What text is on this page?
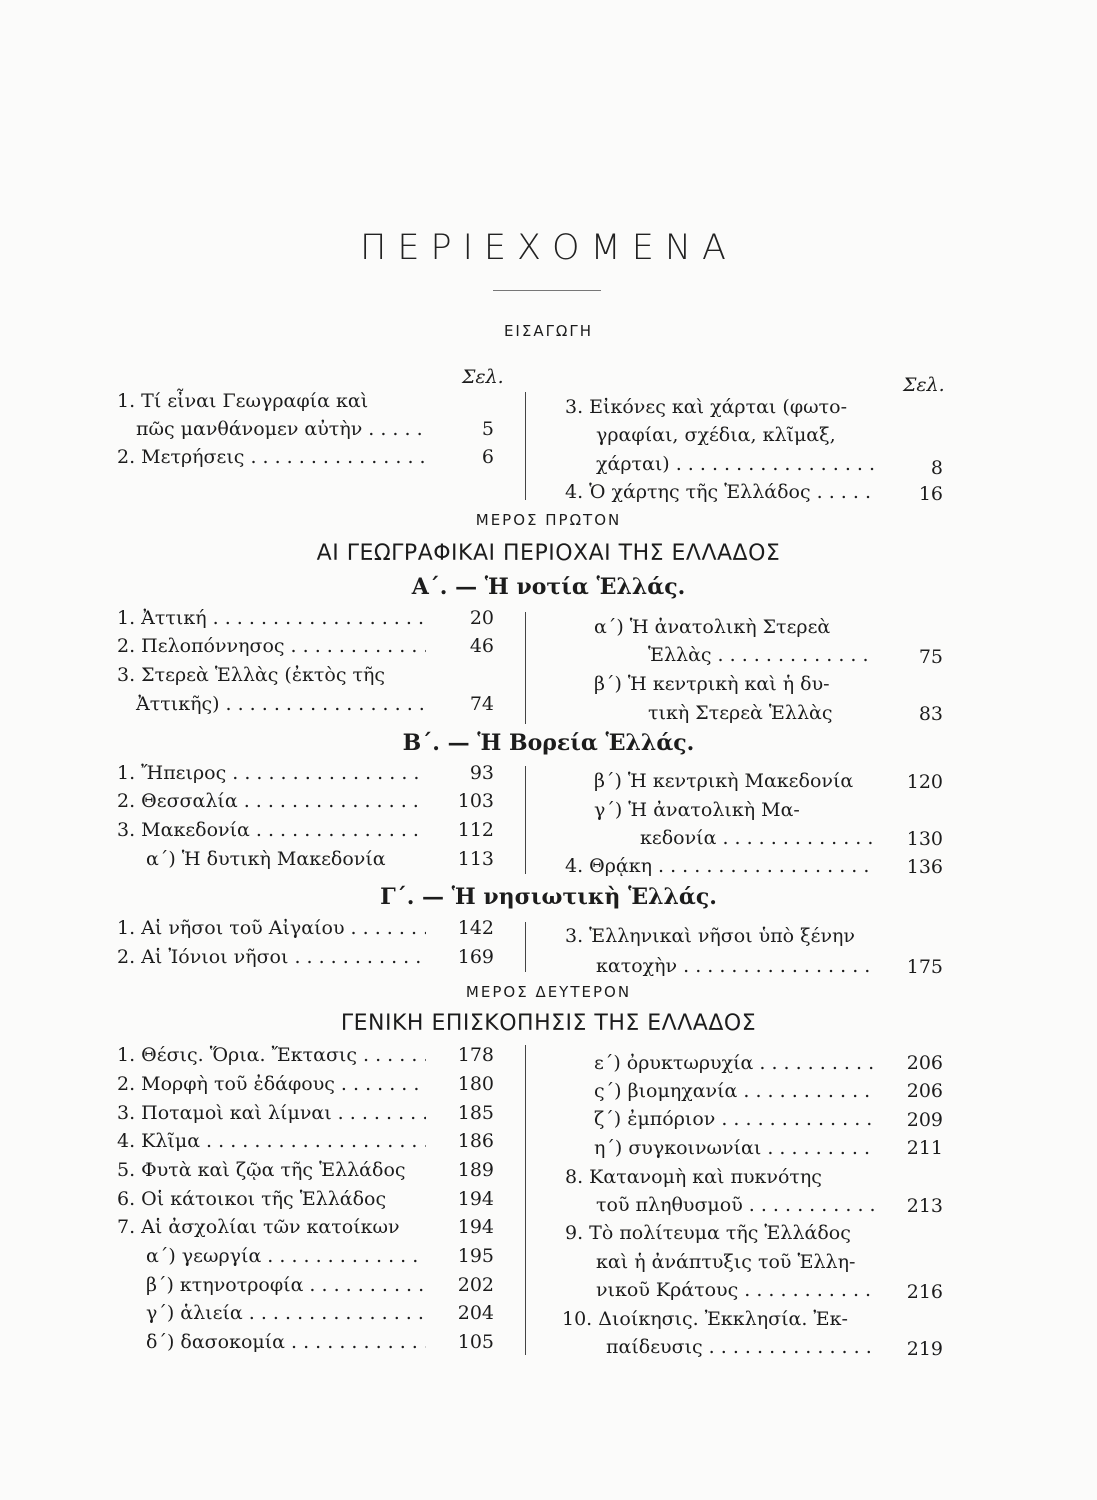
ΠΕΡΙΕΧΟΜΕΝΑ
ΕΙΣΑΓΩΓΗ
Σελ.	Σελ.
1. Τί εἶναι Γεωγραφία καὶ
πῶς μανθάνομεν αὐτὴν . . .	5
2. Μετρήσεις . . .	6
3. Εἰκόνες καὶ χάρται (φωτο-
γραφίαι, σχέδια, κλῖμαξ,
χάρται) . . .	8
4. Ὁ χάρτης τῆς Ἑλλάδος . . .	16
ΜΕΡΟΣ ΠΡΩΤΟΝ
ΑΙ ΓΕΩΓΡΑΦΙΚΑΙ ΠΕΡΙΟΧΑΙ ΤΗΣ ΕΛΛΑΔΟΣ
Α΄. — Ἡ νοτία Ἑλλάς.
1. Ἀττική . . .	20
2. Πελοπόννησος . . .	46
3. Στερεὰ Ἑλλὰς (ἐκτὸς τῆς
Ἀττικῆς) . . .	74
α΄) Ἡ ἀνατολικὴ Στερεὰ
Ἑλλὰς . . .	75
β΄) Ἡ κεντρικὴ καὶ ἡ δυ-
τικὴ Στερεὰ Ἑλλὰς	83
Β΄. — Ἡ Βορεία Ἑλλάς.
1. Ἤπειρος . . .	93
2. Θεσσαλία . . .	103
3. Μακεδονία . . .	112
α΄) Ἡ δυτικὴ Μακεδονία	113
β΄) Ἡ κεντρικὴ Μακεδονία	120
γ΄) Ἡ ἀνατολικὴ Μα-
κεδονία . . .	130
4. Θρᾴκη . . .	136
Γ΄. — Ἡ νησιωτικὴ Ἑλλάς.
1. Αἱ νῆσοι τοῦ Αἰγαίου . . .	142
2. Αἱ Ἰόνιοι νῆσοι . . .	169
3. Ἑλληνικαὶ νῆσοι ὑπὸ ξένην
κατοχὴν . . .	175
ΜΕΡΟΣ ΔΕΥΤΕΡΟΝ
ΓΕΝΙΚΗ ΕΠΙΣΚΟΠΗΣΙΣ ΤΗΣ ΕΛΛΑΔΟΣ
1. Θέσις. Ὅρια. Ἔκτασις . . .	178
2. Μορφὴ τοῦ ἐδάφους . . .	180
3. Ποταμοὶ καὶ λίμναι . . .	185
4. Κλῖμα . . .	186
5. Φυτὰ καὶ ζῷα τῆς Ἑλλάδος	189
6. Οἱ κάτοικοι τῆς Ἑλλάδος	194
7. Αἱ ἀσχολίαι τῶν κατοίκων	194
α΄) γεωργία . . .	195
β΄) κτηνοτροφία . . .	202
γ΄) ἁλιεία . . .	204
δ΄) δασοκομία . . .	105
ε΄) ὀρυκτωρυχία . . .	206
ς΄) βιομηχανία . . .	206
ζ΄) ἐμπόριον . . .	209
η΄) συγκοινωνίαι . . .	211
8. Κατανομὴ καὶ πυκνότης
τοῦ πληθυσμοῦ . . .	213
9. Τὸ πολίτευμα τῆς Ἑλλάδος
καὶ ἡ ἀνάπτυξις τοῦ Ἑλλη-
νικοῦ Κράτους . . .	216
10. Διοίκησις. Ἐκκλησία. Ἐκ-
παίδευσις . . .	219
